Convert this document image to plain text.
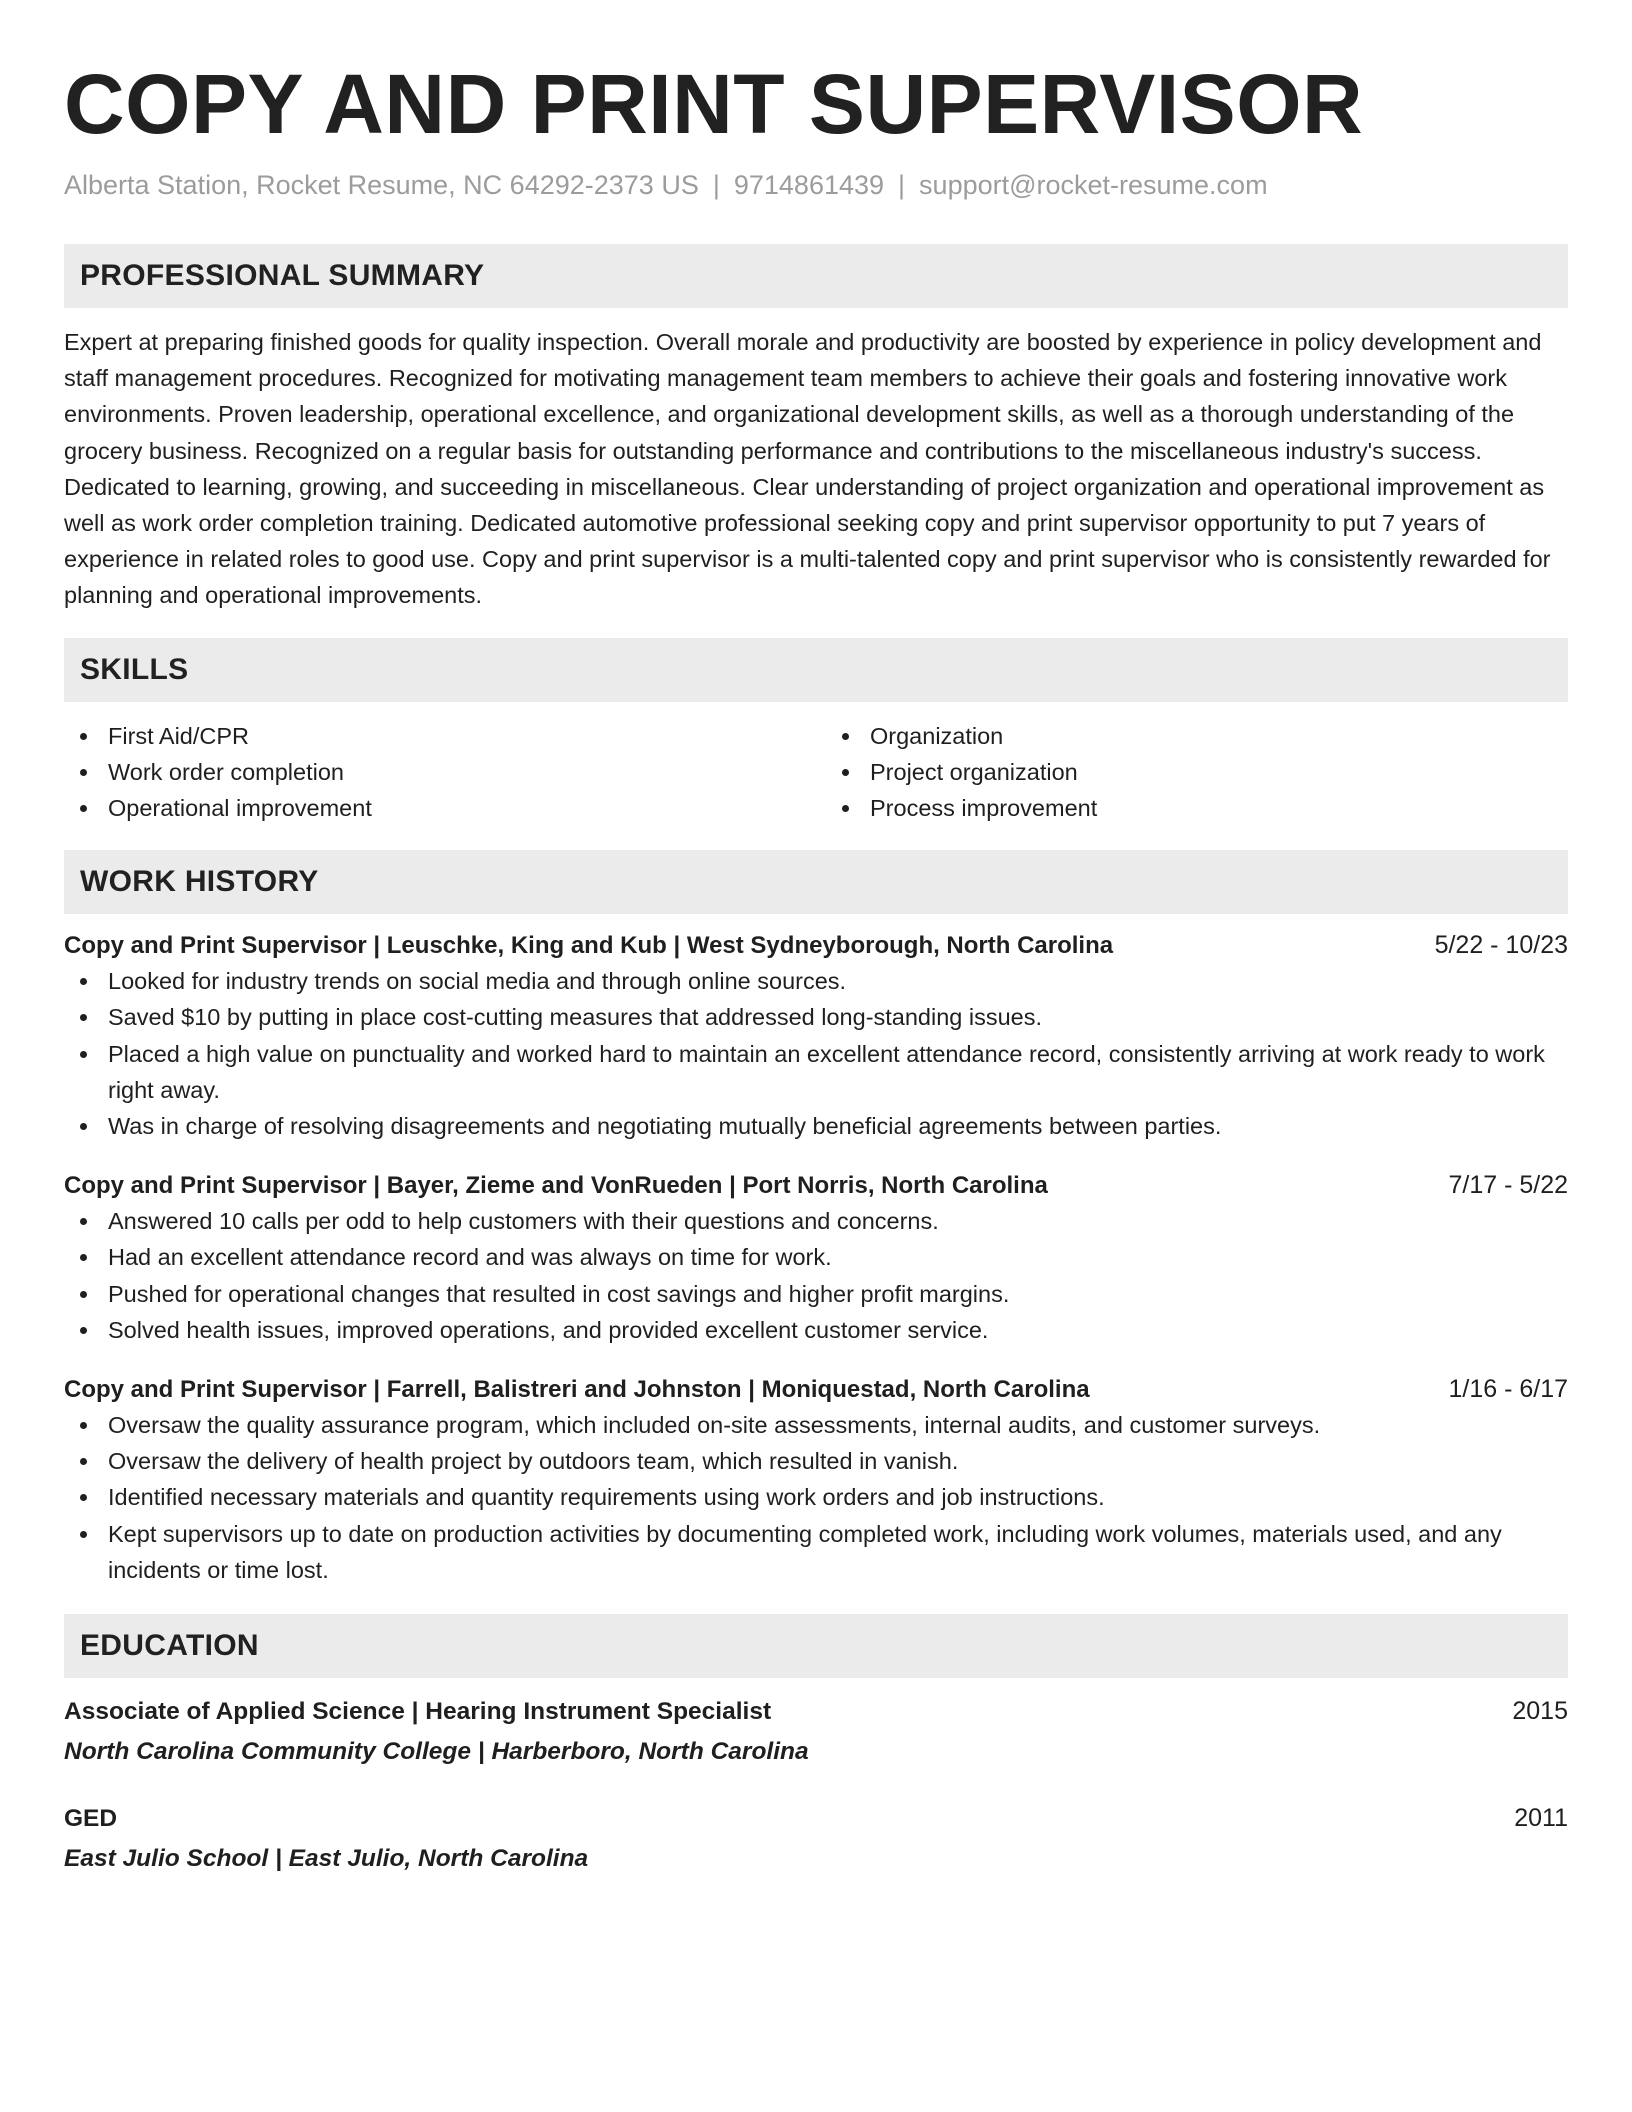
COPY AND PRINT SUPERVISOR
Alberta Station, Rocket Resume, NC 64292-2373 US | 9714861439 | support@rocket-resume.com
PROFESSIONAL SUMMARY

Expert at preparing finished goods for quality inspection. Overall morale and productivity are boosted by experience in policy development and staff management procedures. Recognized for motivating management team members to achieve their goals and fostering innovative work environments. Proven leadership, operational excellence, and organizational development skills, as well as a thorough understanding of the grocery business. Recognized on a regular basis for outstanding performance and contributions to the miscellaneous industry's success. Dedicated to learning, growing, and succeeding in miscellaneous. Clear understanding of project organization and operational improvement as well as work order completion training. Dedicated automotive professional seeking copy and print supervisor opportunity to put 7 years of experience in related roles to good use. Copy and print supervisor is a multi-talented copy and print supervisor who is consistently rewarded for planning and operational improvements.

SKILLS
First Aid/CPR
Work order completion
Operational improvement
Organization
Project organization
Process improvement
WORK HISTORY
Copy and Print Supervisor | Leuschke, King and Kub | West Sydneyborough, North Carolina	5/22 - 10/23
Looked for industry trends on social media and through online sources.
Saved $10 by putting in place cost-cutting measures that addressed long-standing issues.
Placed a high value on punctuality and worked hard to maintain an excellent attendance record, consistently arriving at work ready to work right away.
Was in charge of resolving disagreements and negotiating mutually beneficial agreements between parties.
Copy and Print Supervisor | Bayer, Zieme and VonRueden | Port Norris, North Carolina	7/17 - 5/22
Answered 10 calls per odd to help customers with their questions and concerns.
Had an excellent attendance record and was always on time for work.
Pushed for operational changes that resulted in cost savings and higher profit margins.
Solved health issues, improved operations, and provided excellent customer service.
Copy and Print Supervisor | Farrell, Balistreri and Johnston | Moniquestad, North Carolina	1/16 - 6/17
Oversaw the quality assurance program, which included on-site assessments, internal audits, and customer surveys.
Oversaw the delivery of health project by outdoors team, which resulted in vanish.
Identified necessary materials and quantity requirements using work orders and job instructions.
Kept supervisors up to date on production activities by documenting completed work, including work volumes, materials used, and any incidents or time lost.
EDUCATION
Associate of Applied Science | Hearing Instrument Specialist	2015
North Carolina Community College | Harberboro, North Carolina
GED	2011
East Julio School | East Julio, North Carolina
